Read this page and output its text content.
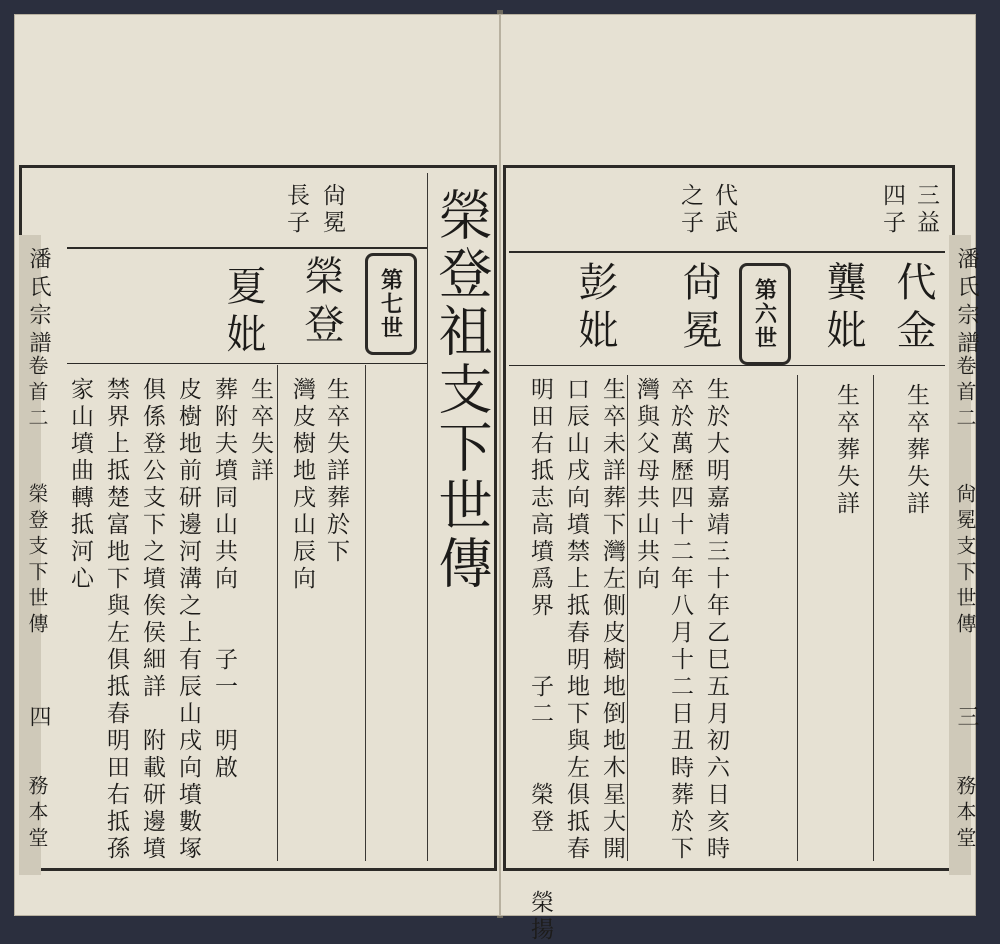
潘氏宗譜
卷首二
榮登支下世傳
四
務本堂
榮登祖支下世傳
尙冕
長子
第七世
榮登
夏妣
生卒失詳葬於下
灣皮樹地戌山辰向
生卒失詳
葬附夫墳同山共向　　子一　明啟
皮樹地前研邊河溝之上有辰山戌向墳數塚
俱係登公支下之墳俟侯細詳　附載研邊墳
禁界上抵楚富地下與左俱抵春明田右抵孫
家山墳曲轉抵河心
潘氏宗譜
卷首二
尙冕支下世傳
三
務本堂
三益
四子
代武
之子
代金
龔妣
第六世
尙冕
彭妣
生卒葬失詳
生卒葬失詳
生於大明嘉靖三十年乙巳五月初六日亥時
卒於萬歷四十二年八月十二日丑時葬於下
灣與父母共山共向
生卒未詳葬下灣左側皮樹地倒地木星大開
口辰山戌向墳禁上抵春明地下與左俱抵春
明田右抵志高墳爲界　　子二　　榮登　　榮揚
